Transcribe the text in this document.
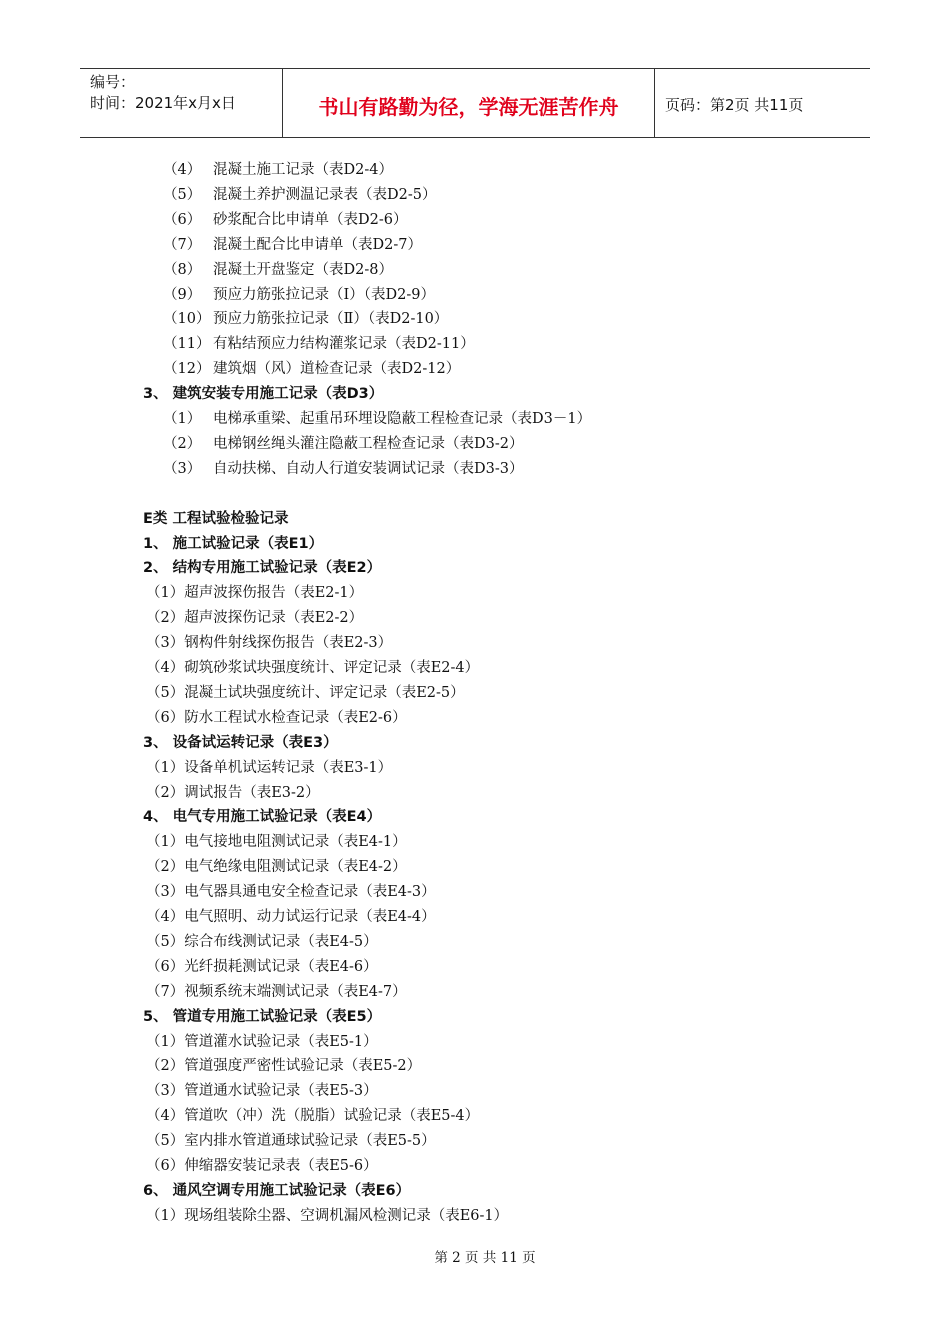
编号：
时间：2021年x月x日	书山有路勤为径，学海无涯苦作舟	页码：第2页 共11页
（4） 混凝土施工记录（表D2-4）
（5） 混凝土养护测温记录表（表D2-5）
（6） 砂浆配合比申请单（表D2-6）
（7） 混凝土配合比申请单（表D2-7）
（8） 混凝土开盘鉴定（表D2-8）
（9） 预应力筋张拉记录（Ⅰ）（表D2-9）
（10） 预应力筋张拉记录（Ⅱ）（表D2-10）
（11） 有粘结预应力结构灌浆记录（表D2-11）
（12） 建筑烟（风）道检查记录（表D2-12）
3、 建筑安装专用施工记录（表D3）
（1） 电梯承重梁、起重吊环埋设隐蔽工程检查记录（表D3－1）
（2） 电梯钢丝绳头灌注隐蔽工程检查记录（表D3-2）
（3） 自动扶梯、自动人行道安装调试记录（表D3-3）
E类 工程试验检验记录
1、 施工试验记录（表E1）
2、 结构专用施工试验记录（表E2）
（1）超声波探伤报告（表E2-1）
（2）超声波探伤记录（表E2-2）
（3）钢构件射线探伤报告（表E2-3）
（4）砌筑砂浆试块强度统计、评定记录（表E2-4）
（5）混凝土试块强度统计、评定记录（表E2-5）
（6）防水工程试水检查记录（表E2-6）
3、 设备试运转记录（表E3）
（1）设备单机试运转记录（表E3-1）
（2）调试报告（表E3-2）
4、 电气专用施工试验记录（表E4）
（1）电气接地电阻测试记录（表E4-1）
（2）电气绝缘电阻测试记录（表E4-2）
（3）电气器具通电安全检查记录（表E4-3）
（4）电气照明、动力试运行记录（表E4-4）
（5）综合布线测试记录（表E4-5）
（6）光纤损耗测试记录（表E4-6）
（7）视频系统末端测试记录（表E4-7）
5、 管道专用施工试验记录（表E5）
（1）管道灌水试验记录（表E5-1）
（2）管道强度严密性试验记录（表E5-2）
（3）管道通水试验记录（表E5-3）
（4）管道吹（冲）洗（脱脂）试验记录（表E5-4）
（5）室内排水管道通球试验记录（表E5-5）
（6）伸缩器安装记录表（表E5-6）
6、 通风空调专用施工试验记录（表E6）
（1）现场组装除尘器、空调机漏风检测记录（表E6-1）
第 2 页 共 11 页
